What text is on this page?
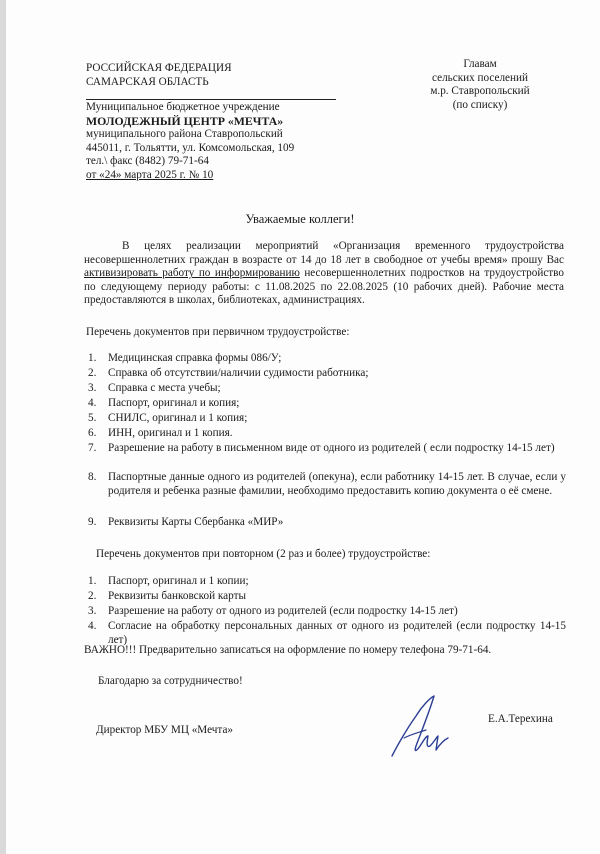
РОССИЙСКАЯ ФЕДЕРАЦИЯ
САМАРСКАЯ ОБЛАСТЬ
Главам
сельских поселений
м.р. Ставропольский
(по списку)
Муниципальное бюджетное учреждение
МОЛОДЕЖНЫЙ ЦЕНТР «МЕЧТА»
муниципального района Ставропольский
445011, г. Тольятти, ул. Комсомольская, 109
тел.\ факс (8482) 79-71-64
от «24» марта 2025 г. № 10
Уважаемые коллеги!
В целях реализации мероприятий «Организация временного трудоустройства несовершеннолетних граждан в возрасте от 14 до 18 лет в свободное от учебы время» прошу Вас активизировать работу по информированию несовершеннолетних подростков на трудоустройство по следующему периоду работы: с 11.08.2025 по 22.08.2025 (10 рабочих дней). Рабочие места предоставляются в школах, библиотеках, администрациях.
Перечень документов при первичном трудоустройстве:
1. Медицинская справка формы 086/У;
2. Справка об отсутствии/наличии судимости работника;
3. Справка с места учебы;
4. Паспорт, оригинал и копия;
5. СНИЛС, оригинал и 1 копия;
6. ИНН, оригинал и 1 копия.
7. Разрешение на работу в письменном виде от одного из родителей ( если подростку 14-15 лет)
8. Паспортные данные одного из родителей (опекуна), если работнику 14-15 лет. В случае, если у родителя и ребенка разные фамилии, необходимо предоставить копию документа о её смене.
9. Реквизиты Карты Сбербанка «МИР»
Перечень документов при повторном (2 раз и более) трудоустройстве:
1. Паспорт, оригинал и 1 копии;
2. Реквизиты банковской карты
3. Разрешение на работу от одного из родителей (если подростку 14-15 лет)
4. Согласие на обработку персональных данных от одного из родителей (если подростку 14-15 лет)
ВАЖНО!!! Предварительно записаться на оформление по номеру телефона 79-71-64.
Благодарю за сотрудничество!
Директор МБУ МЦ «Мечта»
Е.А.Терехина
